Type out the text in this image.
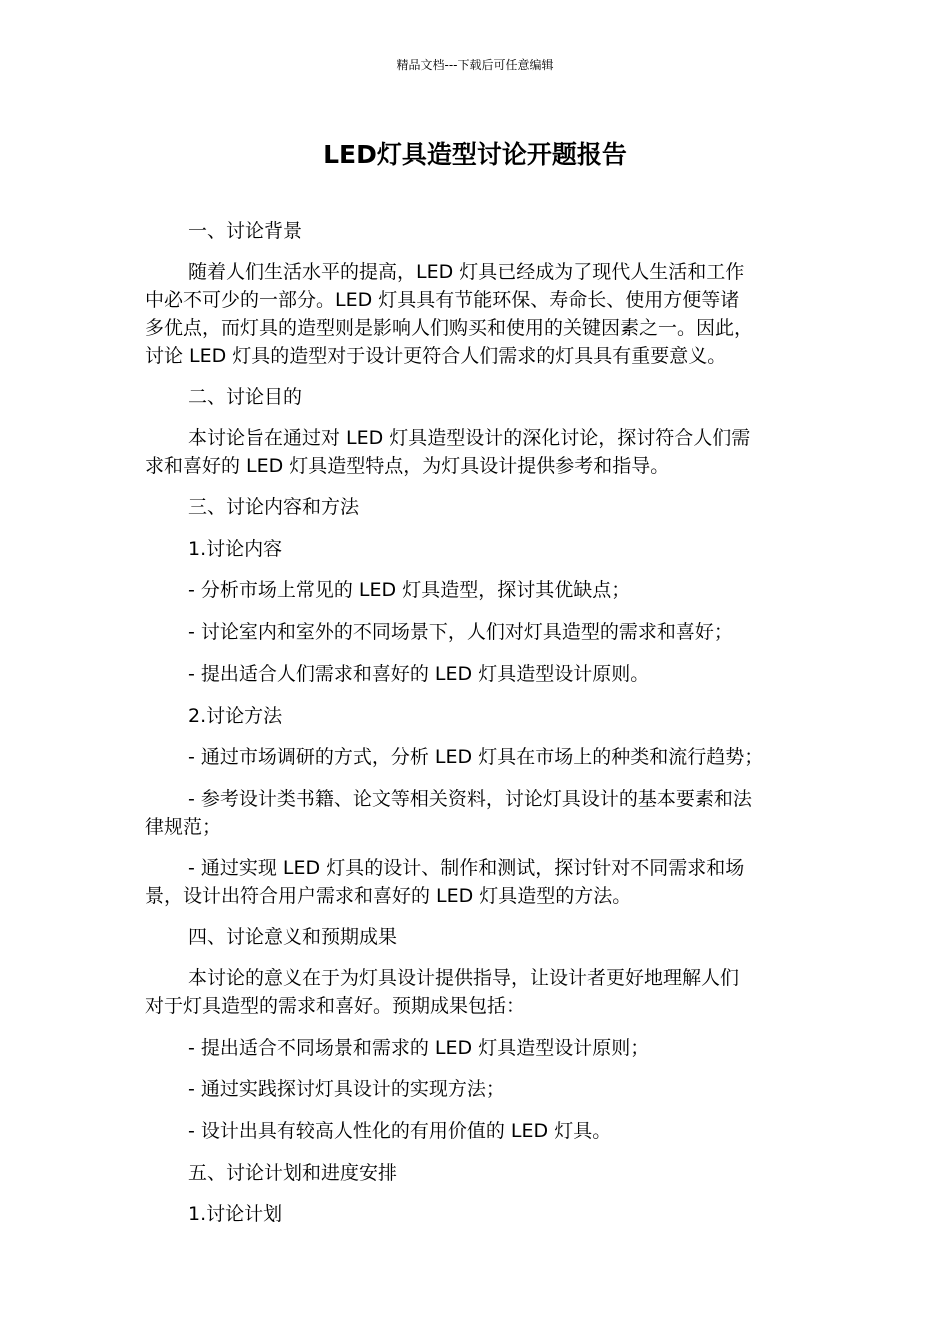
精品文档---下载后可任意编辑
LED灯具造型讨论开题报告

一、讨论背景

随着人们生活水平的提高，LED 灯具已经成为了现代人生活和工作
中必不可少的一部分。LED 灯具具有节能环保、寿命长、使用方便等诸
多优点，而灯具的造型则是影响人们购买和使用的关键因素之一。因此，
讨论 LED 灯具的造型对于设计更符合人们需求的灯具具有重要意义。

二、讨论目的

本讨论旨在通过对 LED 灯具造型设计的深化讨论，探讨符合人们需
求和喜好的 LED 灯具造型特点，为灯具设计提供参考和指导。

三、讨论内容和方法

1.讨论内容

- 分析市场上常见的 LED 灯具造型，探讨其优缺点；

- 讨论室内和室外的不同场景下，人们对灯具造型的需求和喜好；

- 提出适合人们需求和喜好的 LED 灯具造型设计原则。

2.讨论方法

- 通过市场调研的方式，分析 LED 灯具在市场上的种类和流行趋势；

- 参考设计类书籍、论文等相关资料，讨论灯具设计的基本要素和法
律规范；

- 通过实现 LED 灯具的设计、制作和测试，探讨针对不同需求和场
景，设计出符合用户需求和喜好的 LED 灯具造型的方法。

四、讨论意义和预期成果

本讨论的意义在于为灯具设计提供指导，让设计者更好地理解人们
对于灯具造型的需求和喜好。预期成果包括：

- 提出适合不同场景和需求的 LED 灯具造型设计原则；

- 通过实践探讨灯具设计的实现方法；

- 设计出具有较高人性化的有用价值的 LED 灯具。

五、讨论计划和进度安排

1.讨论计划
